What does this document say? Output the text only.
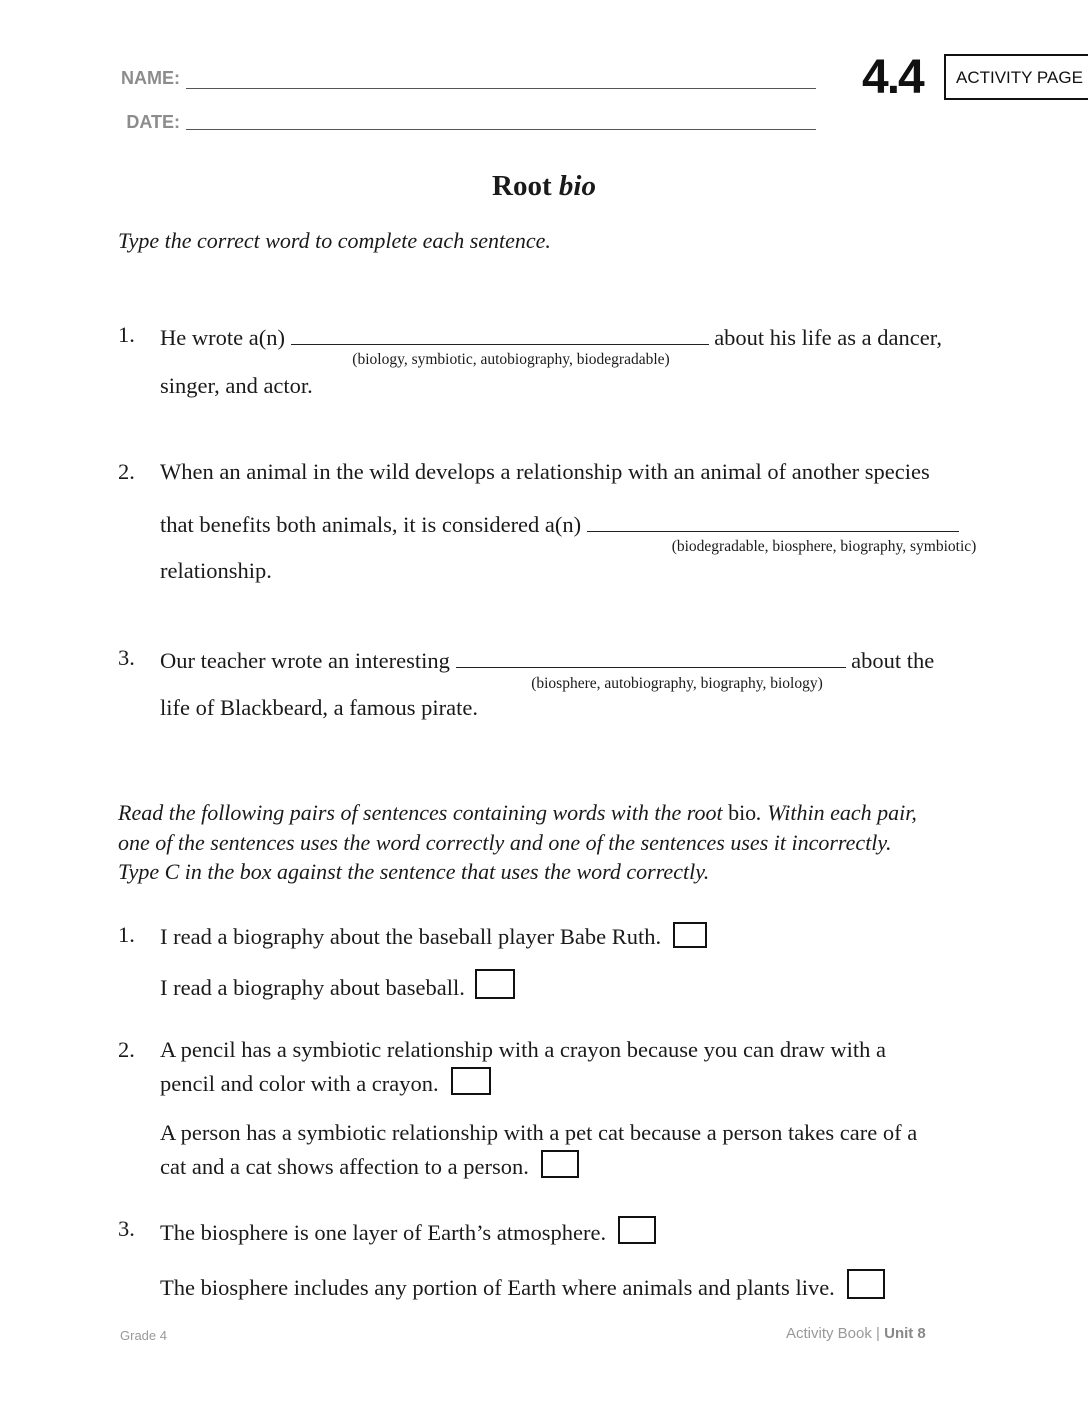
NAME:
DATE:
4.4	ACTIVITY PAGE
Root bio
Type the correct word to complete each sentence.
1. He wrote a(n)	about his life as a dancer,
(biology, symbiotic, autobiography, biodegradable)
singer, and actor.
2. When an animal in the wild develops a relationship with an animal of another species
that benefits both animals, it is considered a(n)
(biodegradable, biosphere, biography, symbiotic)
relationship.
3. Our teacher wrote an interesting	about the
(biosphere, autobiography, biography, biology)
life of Blackbeard, a famous pirate.
Read the following pairs of sentences containing words with the root bio. Within each pair,
one of the sentences uses the word correctly and one of the sentences uses it incorrectly.
Type C in the box against the sentence that uses the word correctly.
1. I read a biography about the baseball player Babe Ruth.
I read a biography about baseball.
2. A pencil has a symbiotic relationship with a crayon because you can draw with a
pencil and color with a crayon.
A person has a symbiotic relationship with a pet cat because a person takes care of a
cat and a cat shows affection to a person.
3. The biosphere is one layer of Earth’s atmosphere.
The biosphere includes any portion of Earth where animals and plants live.
Grade 4	Activity Book | Unit 8
